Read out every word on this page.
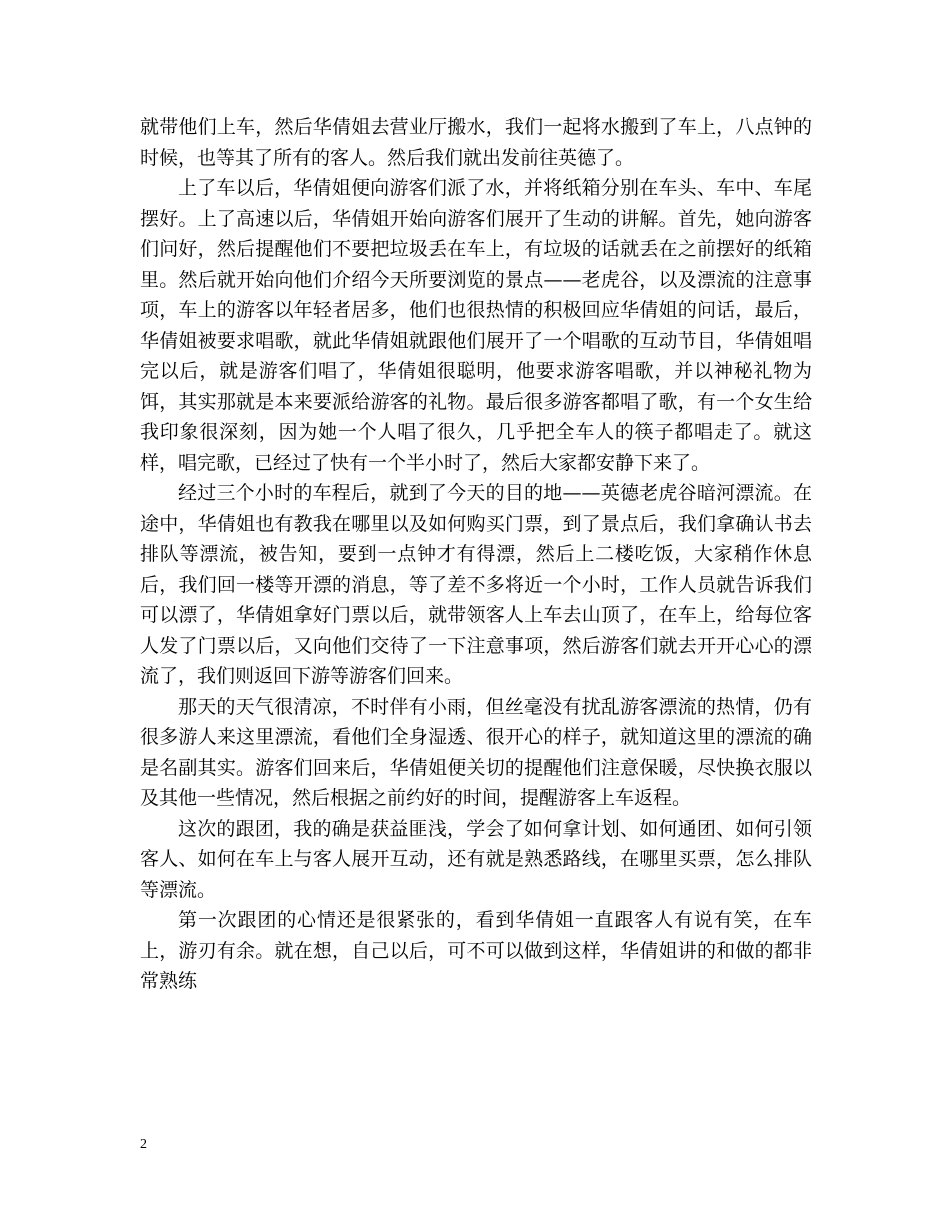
就带他们上车，然后华倩姐去营业厅搬水，我们一起将水搬到了车上，八点钟的时候，也等其了所有的客人。然后我们就出发前往英德了。

上了车以后，华倩姐便向游客们派了水，并将纸箱分别在车头、车中、车尾摆好。上了高速以后，华倩姐开始向游客们展开了生动的讲解。首先，她向游客们问好，然后提醒他们不要把垃圾丢在车上，有垃圾的话就丢在之前摆好的纸箱里。然后就开始向他们介绍今天所要浏览的景点——老虎谷，以及漂流的注意事项，车上的游客以年轻者居多，他们也很热情的积极回应华倩姐的问话，最后，华倩姐被要求唱歌，就此华倩姐就跟他们展开了一个唱歌的互动节目，华倩姐唱完以后，就是游客们唱了，华倩姐很聪明，他要求游客唱歌，并以神秘礼物为饵，其实那就是本来要派给游客的礼物。最后很多游客都唱了歌，有一个女生给我印象很深刻，因为她一个人唱了很久，几乎把全车人的筷子都唱走了。就这样，唱完歌，已经过了快有一个半小时了，然后大家都安静下来了。

经过三个小时的车程后，就到了今天的目的地——英德老虎谷暗河漂流。在途中，华倩姐也有教我在哪里以及如何购买门票，到了景点后，我们拿确认书去排队等漂流，被告知，要到一点钟才有得漂，然后上二楼吃饭，大家稍作休息后，我们回一楼等开漂的消息，等了差不多将近一个小时，工作人员就告诉我们可以漂了，华倩姐拿好门票以后，就带领客人上车去山顶了，在车上，给每位客人发了门票以后，又向他们交待了一下注意事项，然后游客们就去开开心心的漂流了，我们则返回下游等游客们回来。

那天的天气很清凉，不时伴有小雨，但丝毫没有扰乱游客漂流的热情，仍有很多游人来这里漂流，看他们全身湿透、很开心的样子，就知道这里的漂流的确是名副其实。游客们回来后，华倩姐便关切的提醒他们注意保暖，尽快换衣服以及其他一些情况，然后根据之前约好的时间，提醒游客上车返程。

这次的跟团，我的确是获益匪浅，学会了如何拿计划、如何通团、如何引领客人、如何在车上与客人展开互动，还有就是熟悉路线，在哪里买票，怎么排队等漂流。

第一次跟团的心情还是很紧张的，看到华倩姐一直跟客人有说有笑，在车上，游刃有余。就在想，自己以后，可不可以做到这样，华倩姐讲的和做的都非常熟练

2
